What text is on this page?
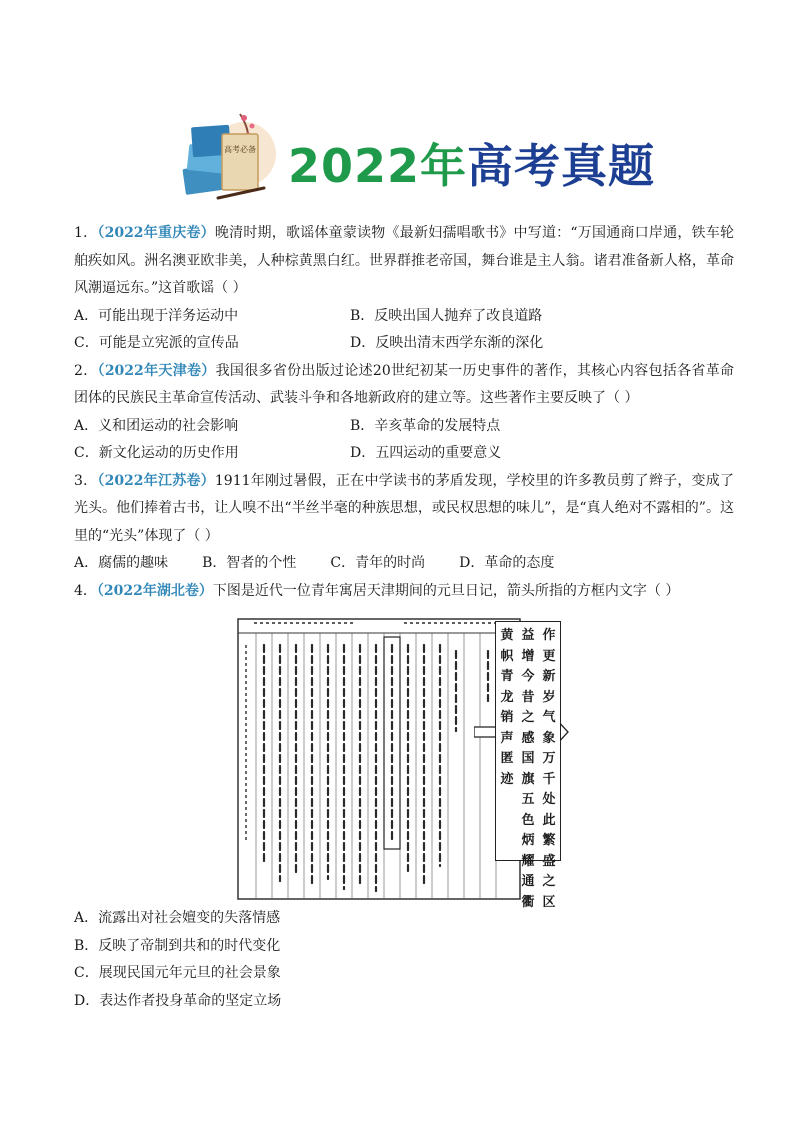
高考必备 2022年高考真题

1．（2022年重庆卷）晚清时期，歌谣体童蒙读物《最新妇孺唱歌书》中写道：“万国通商口岸通，铁车轮舶疾如风。洲名澳亚欧非美，人种棕黄黑白红。世界群推老帝国，舞台谁是主人翁。诸君准备新人格，革命风潮逼远东。”这首歌谣（ ）

A．可能出现于洋务运动中	B．反映出国人抛弃了改良道路
C．可能是立宪派的宣传品	D．反映出清末西学东渐的深化

2．（2022年天津卷）我国很多省份出版过论述20世纪初某一历史事件的著作，其核心内容包括各省革命团体的民族民主革命宣传活动、武装斗争和各地新政府的建立等。这些著作主要反映了（ ）

A．义和团运动的社会影响	B．辛亥革命的发展特点
C．新文化运动的历史作用	D．五四运动的重要意义

3．（2022年江苏卷）1911年刚过暑假，正在中学读书的茅盾发现，学校里的许多教员剪了辫子，变成了光头。他们捧着古书，让人嗅不出“半丝半毫的种族思想，或民权思想的味儿”，是“真人绝对不露相的”。这里的“光头”体现了（ ）

A．腐儒的趣味 B．智者的个性 C．青年的时尚 D．革命的态度

4．（2022年湖北卷）下图是近代一位青年寓居天津期间的元旦日记，箭头所指的方框内文字（ ）

作
更
新
岁
气
象
万
千
处
此
繁
盛
之
区
益
增
今
昔
之
感
国
旗
五
色
炳
耀
通
衢
黄
帜
青
龙
销
声
匿
迹
A．流露出对社会嬗变的失落情感
B．反映了帝制到共和的时代变化
C．展现民国元年元旦的社会景象
D．表达作者投身革命的坚定立场
